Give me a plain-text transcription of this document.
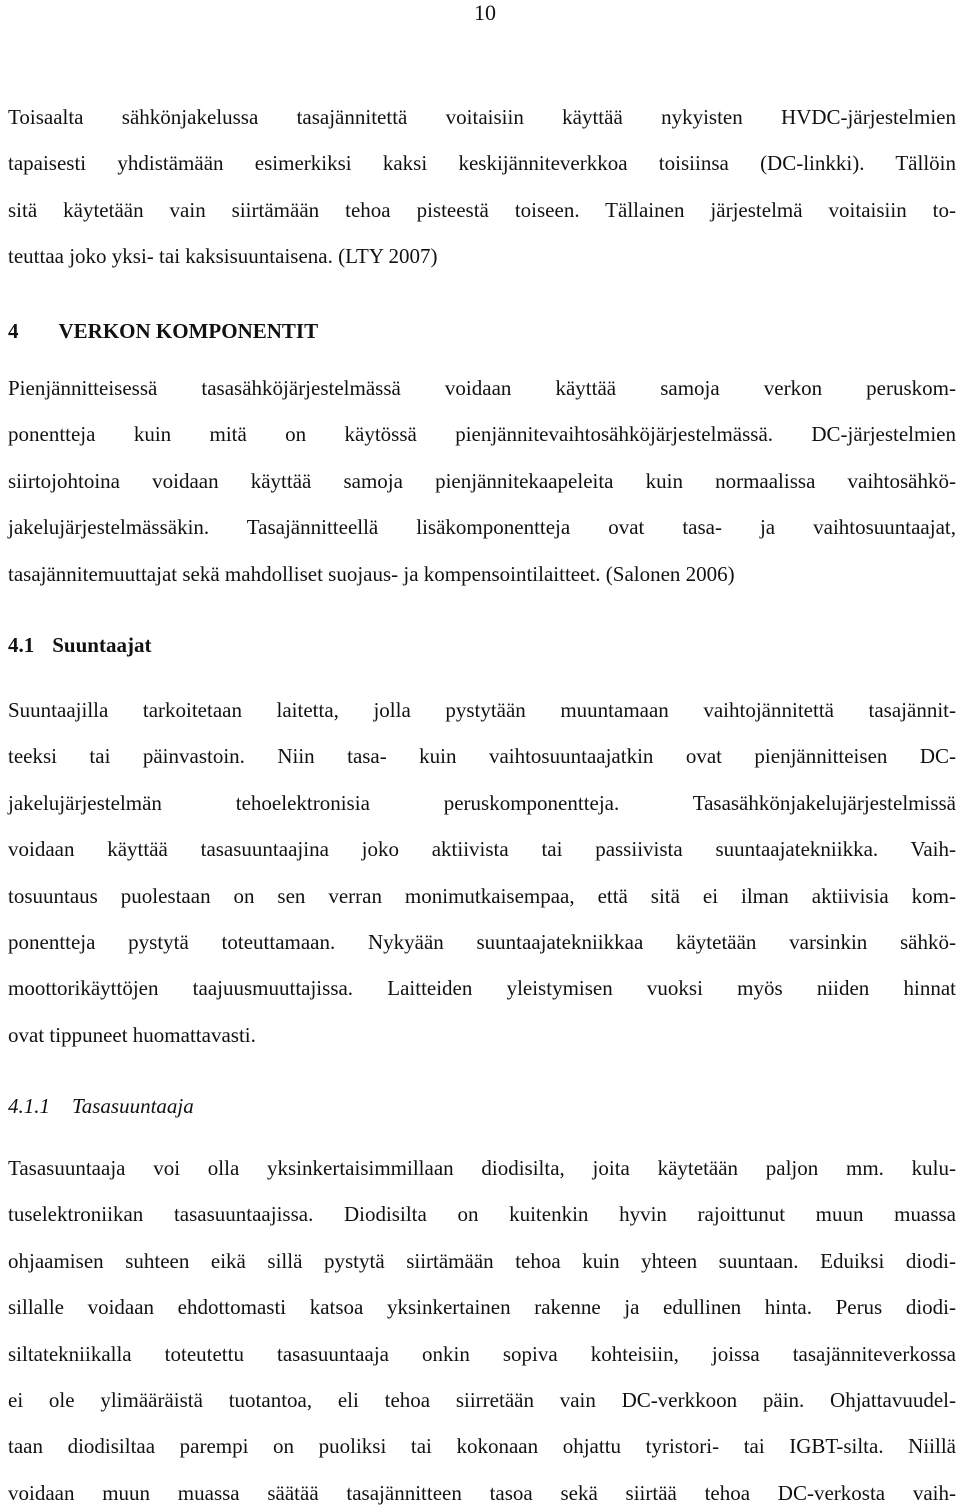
10
Toisaalta sähkönjakelussa tasajännitettä voitaisiin käyttää nykyisten HVDC-järjestelmien
tapaisesti yhdistämään esimerkiksi kaksi keskijänniteverkkoa toisiinsa (DC-linkki). Tällöin
sitä käytetään vain siirtämään tehoa pisteestä toiseen. Tällainen järjestelmä voitaisiin to-
teuttaa joko yksi- tai kaksisuuntaisena. (LTY 2007)
4 VERKON KOMPONENTIT
Pienjännitteisessä tasasähköjärjestelmässä voidaan käyttää samoja verkon peruskom-
ponentteja kuin mitä on käytössä pienjännitevaihtosähköjärjestelmässä. DC-järjestelmien
siirtojohtoina voidaan käyttää samoja pienjännitekaapeleita kuin normaalissa vaihtosähkö-
jakelujärjestelmässäkin. Tasajännitteellä lisäkomponentteja ovat tasa- ja vaihtosuuntaajat,
tasajännitemuuttajat sekä mahdolliset suojaus- ja kompensointilaitteet. (Salonen 2006)
4.1 Suuntaajat
Suuntaajilla tarkoitetaan laitetta, jolla pystytään muuntamaan vaihtojännitettä tasajännit-
teeksi tai päinvastoin. Niin tasa- kuin vaihtosuuntaajatkin ovat pienjännitteisen DC-
jakelujärjestelmän tehoelektronisia peruskomponentteja. Tasasähkönjakelujärjestelmissä
voidaan käyttää tasasuuntaajina joko aktiivista tai passiivista suuntaajatekniikka. Vaih-
tosuuntaus puolestaan on sen verran monimutkaisempaa, että sitä ei ilman aktiivisia kom-
ponentteja pystytä toteuttamaan. Nykyään suuntaajatekniikkaa käytetään varsinkin sähkö-
moottorikäyttöjen taajuusmuuttajissa. Laitteiden yleistymisen vuoksi myös niiden hinnat
ovat tippuneet huomattavasti.
4.1.1 Tasasuuntaaja
Tasasuuntaaja voi olla yksinkertaisimmillaan diodisilta, joita käytetään paljon mm. kulu-
tuselektroniikan tasasuuntaajissa. Diodisilta on kuitenkin hyvin rajoittunut muun muassa
ohjaamisen suhteen eikä sillä pystytä siirtämään tehoa kuin yhteen suuntaan. Eduiksi diodi-
sillalle voidaan ehdottomasti katsoa yksinkertainen rakenne ja edullinen hinta. Perus diodi-
siltatekniikalla toteutettu tasasuuntaaja onkin sopiva kohteisiin, joissa tasajänniteverkossa
ei ole ylimääräistä tuotantoa, eli tehoa siirretään vain DC-verkkoon päin. Ohjattavuudel-
taan diodisiltaa parempi on puoliksi tai kokonaan ohjattu tyristori- tai IGBT-silta. Niillä
voidaan muun muassa säätää tasajännitteen tasoa sekä siirtää tehoa DC-verkosta vaih-
